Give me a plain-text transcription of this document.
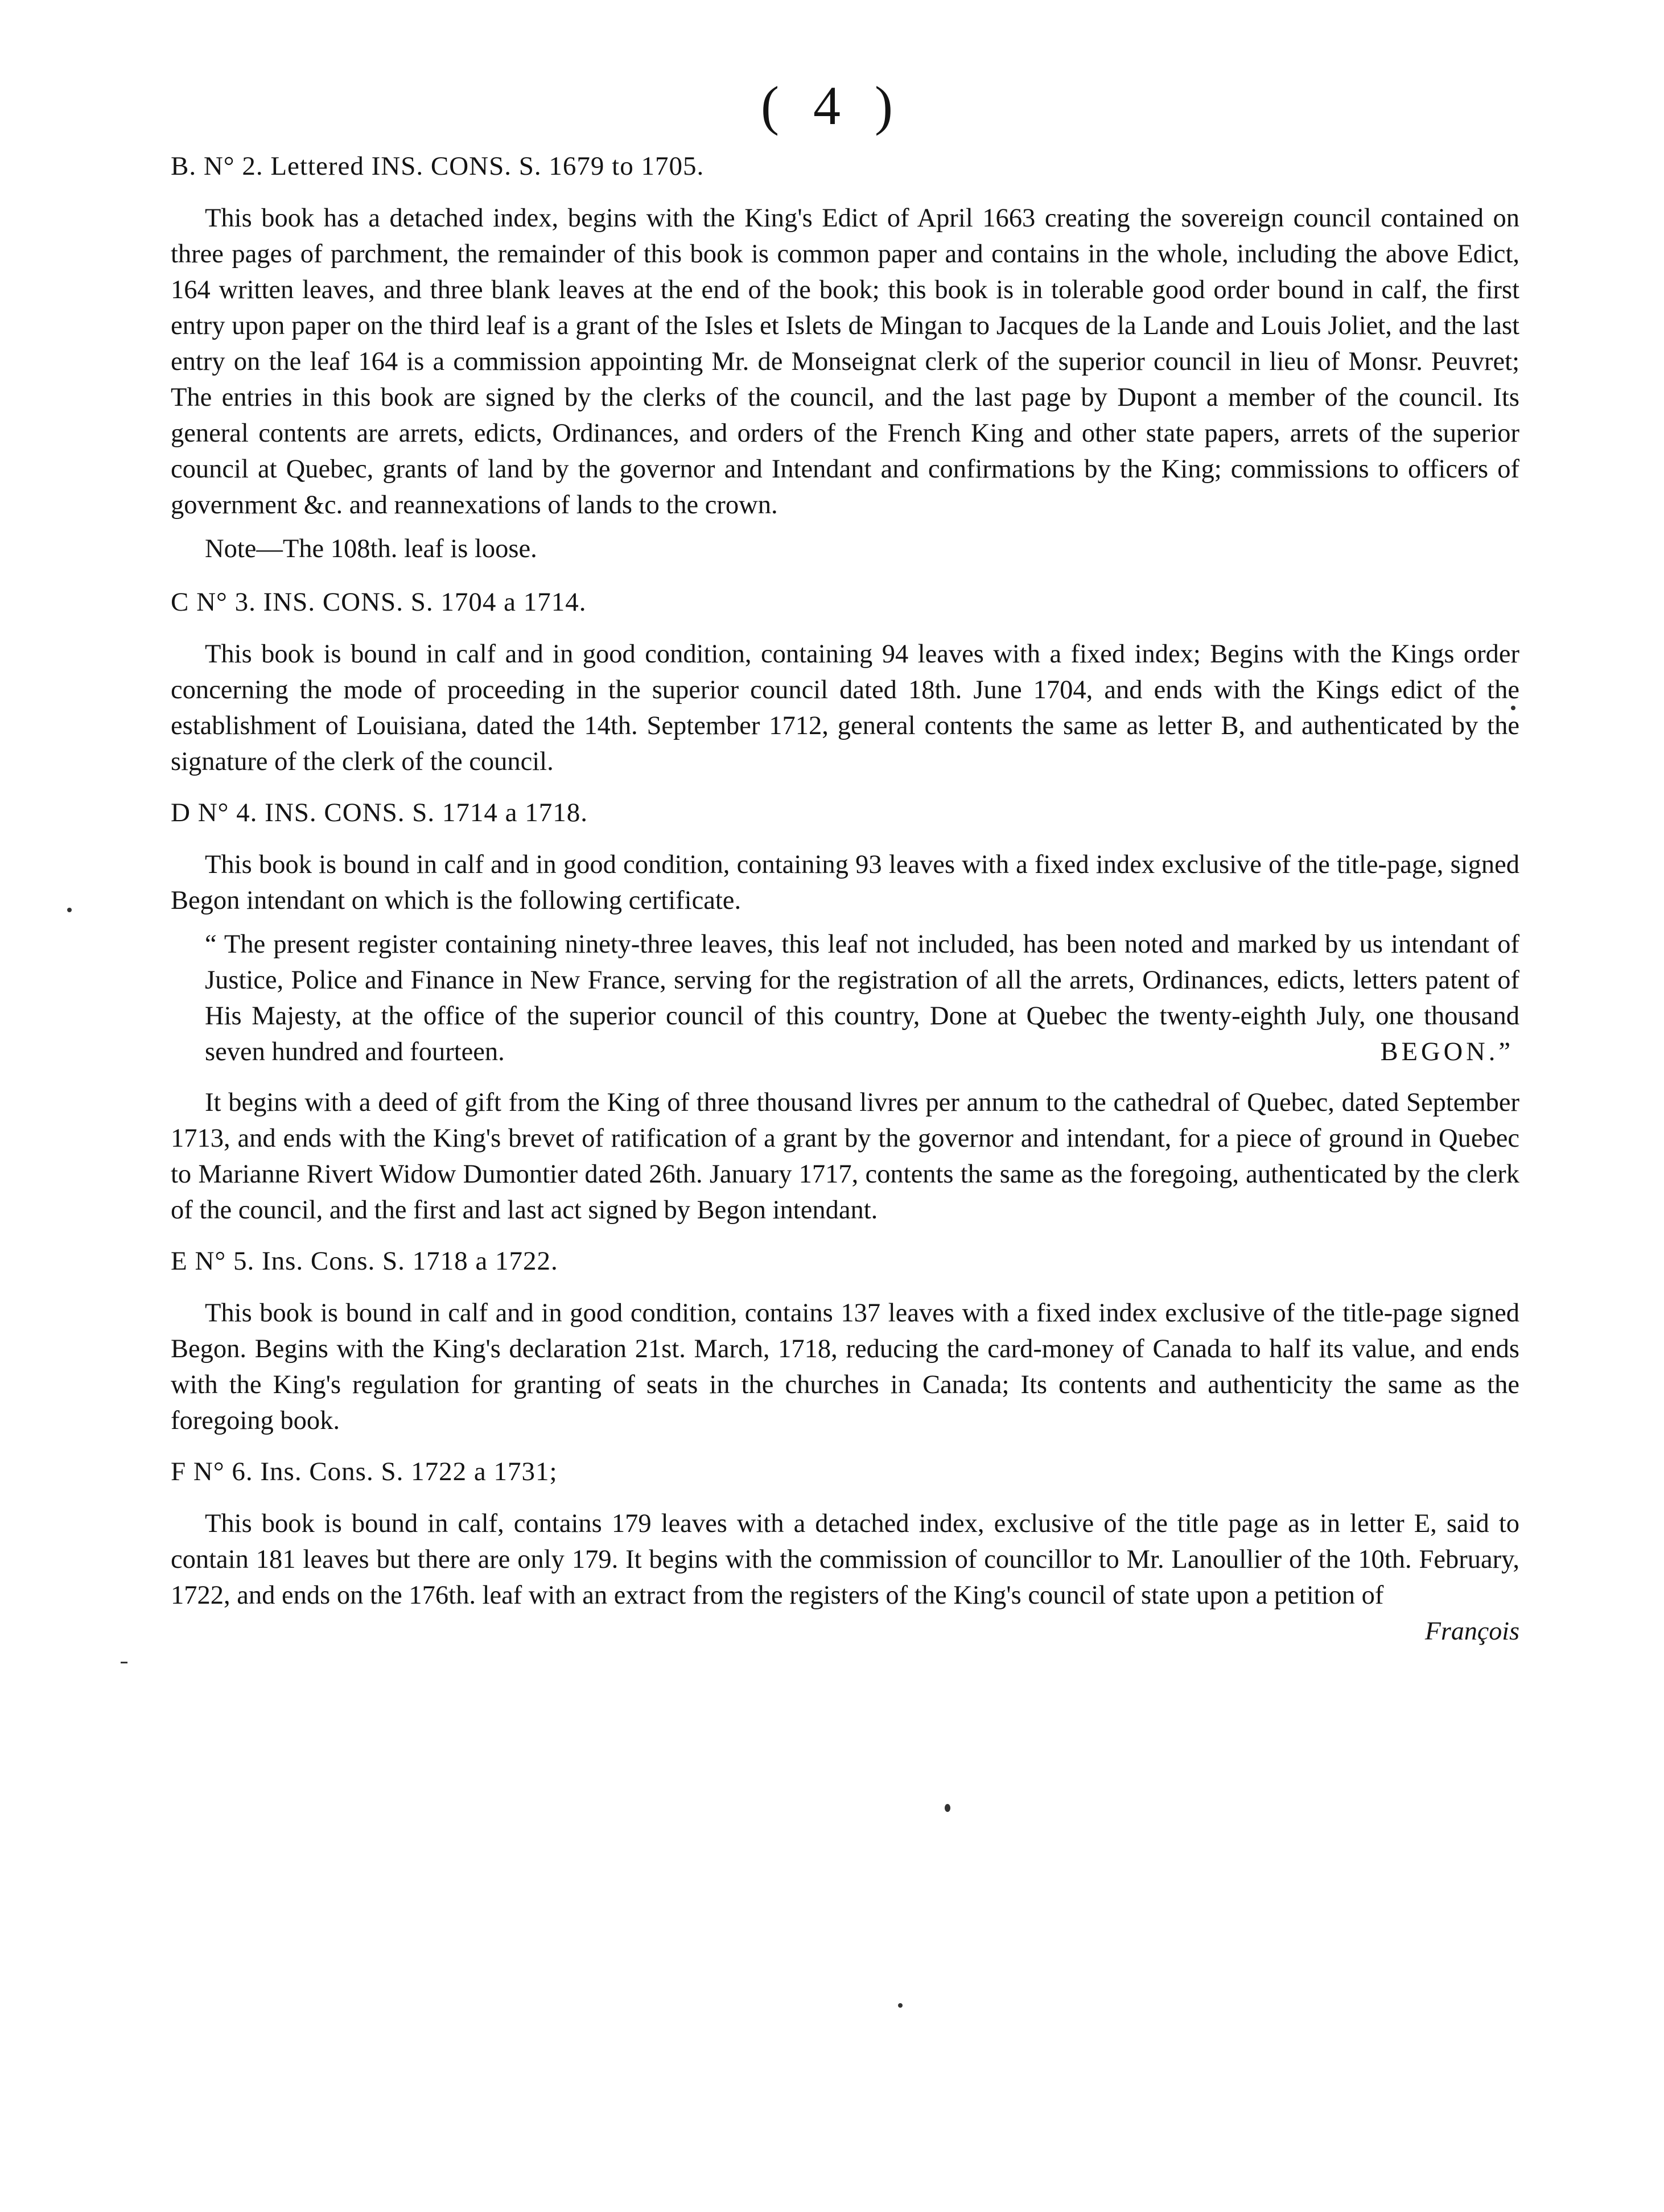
( 4 )
B. N° 2. Lettered INS. CONS. S. 1679 to 1705.

This book has a detached index, begins with the King's Edict of April 1663 creating the sovereign council contained on three pages of parchment, the remainder of this book is common paper and contains in the whole, including the above Edict, 164 written leaves, and three blank leaves at the end of the book; this book is in tolerable good order bound in calf, the first entry upon paper on the third leaf is a grant of the Isles et Islets de Mingan to Jacques de la Lande and Louis Joliet, and the last entry on the leaf 164 is a commission appointing Mr. de Monseignat clerk of the superior council in lieu of Monsr. Peuvret; The entries in this book are signed by the clerks of the council, and the last page by Dupont a member of the council. Its general contents are arrets, edicts, Ordinances, and orders of the French King and other state papers, arrets of the superior council at Quebec, grants of land by the governor and Intendant and confirmations by the King; commissions to officers of government &c. and reannexations of lands to the crown.

Note—The 108th. leaf is loose.

C N° 3. INS. CONS. S. 1704 a 1714.

This book is bound in calf and in good condition, containing 94 leaves with a fixed index; Begins with the Kings order concerning the mode of proceeding in the superior council dated 18th. June 1704, and ends with the Kings edict of the establishment of Louisiana, dated the 14th. September 1712, general contents the same as letter B, and authenticated by the signature of the clerk of the council.

D N° 4. INS. CONS. S. 1714 a 1718.

This book is bound in calf and in good condition, containing 93 leaves with a fixed index exclusive of the title-page, signed Begon intendant on which is the following certificate.

“ The present register containing ninety-three leaves, this leaf not included, has been noted and marked by us intendant of Justice, Police and Finance in New France, serving for the registration of all the arrets, Ordinances, edicts, letters patent of His Majesty, at the office of the superior council of this country, Done at Quebec the twenty-eighth July, one thousand seven hundred and fourteen.	BEGON.”

It begins with a deed of gift from the King of three thousand livres per annum to the cathedral of Quebec, dated September 1713, and ends with the King's brevet of ratification of a grant by the governor and intendant, for a piece of ground in Quebec to Marianne Rivert Widow Dumontier dated 26th. January 1717, contents the same as the foregoing, authenticated by the clerk of the council, and the first and last act signed by Begon intendant.

E N° 5. Ins. Cons. S. 1718 a 1722.

This book is bound in calf and in good condition, contains 137 leaves with a fixed index exclusive of the title-page signed Begon. Begins with the King's declaration 21st. March, 1718, reducing the card-money of Canada to half its value, and ends with the King's regulation for granting of seats in the churches in Canada; Its contents and authenticity the same as the foregoing book.

F N° 6. Ins. Cons. S. 1722 a 1731;

This book is bound in calf, contains 179 leaves with a detached index, exclusive of the title page as in letter E, said to contain 181 leaves but there are only 179. It begins with the commission of councillor to Mr. Lanoullier of the 10th. February, 1722, and ends on the 176th. leaf with an extract from the registers of the King's council of state upon a petition of

François
